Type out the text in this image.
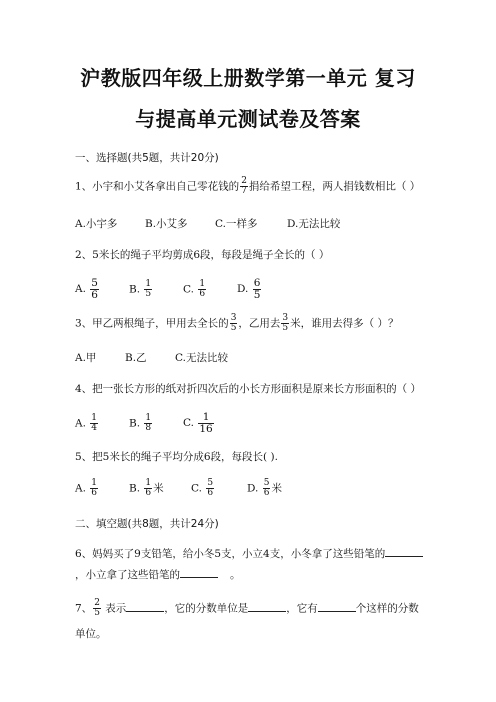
沪教版四年级上册数学第一单元 复习
与提高单元测试卷及答案
一、选择题(共5题，共计20分)
1、小宇和小艾各拿出自己零花钱的 $\frac{2}{7}$ 捐给希望工程，两人捐钱数相比（ ）
A.小宇多	B.小艾多	C.一样多	D.无法比较
2、5米长的绳子平均剪成6段，每段是绳子全长的（ ）
A. $\frac{5}{6}$	B. $\frac{1}{5}$	C. $\frac{1}{6}$	D. $\frac{6}{5}$
3、甲乙两根绳子，甲用去全长的 $\frac{3}{5}$ ，乙用去 $\frac{3}{5}$ 米，谁用去得多（ ）？
A.甲	B.乙	C.无法比较
4、把一张长方形的纸对折四次后的小长方形面积是原来长方形面积的（ ）
A. $\frac{1}{4}$	B. $\frac{1}{8}$	C. $\frac{1}{16}$
5、把5米长的绳子平均分成6段，每段长( ).
A. $\frac{1}{6}$	B. $\frac{1}{6}$ 米	C. $\frac{5}{6}$	D. $\frac{5}{6}$ 米
二、填空题(共8题，共计24分)
6、妈妈买了9支铅笔，给小冬5支，小立4支，小冬拿了这些铅笔的
，小立拿了这些铅笔的	。
7、 $\frac{2}{5}$ 表示	，它的分数单位是	，它有	个这样的分数
单位。
